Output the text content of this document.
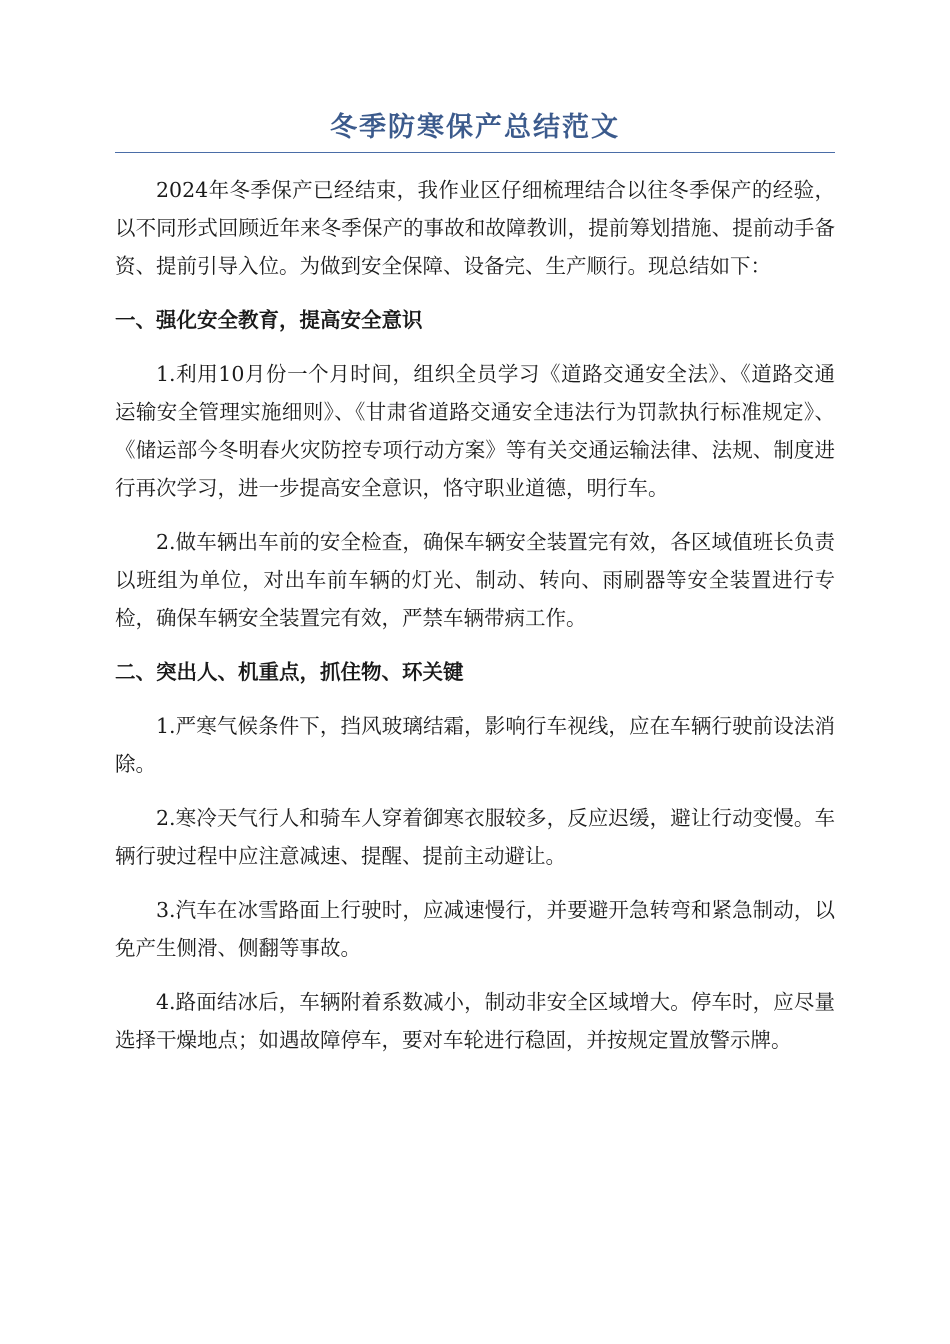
冬季防寒保产总结范文

2024年冬季保产已经结束，我作业区仔细梳理结合以往冬季保产的经验，以不同形式回顾近年来冬季保产的事故和故障教训，提前筹划措施、提前动手备资、提前引导入位。为做到安全保障、设备完、生产顺行。现总结如下：

一、强化安全教育，提高安全意识

1.利用10月份一个月时间，组织全员学习《道路交通安全法》、《道路交通运输安全管理实施细则》、《甘肃省道路交通安全违法行为罚款执行标准规定》、《储运部今冬明春火灾防控专项行动方案》等有关交通运输法律、法规、制度进行再次学习，进一步提高安全意识，恪守职业道德，明行车。

2.做车辆出车前的安全检查，确保车辆安全装置完有效，各区域值班长负责以班组为单位，对出车前车辆的灯光、制动、转向、雨刷器等安全装置进行专检，确保车辆安全装置完有效，严禁车辆带病工作。

二、突出人、机重点，抓住物、环关键

1.严寒气候条件下，挡风玻璃结霜，影响行车视线，应在车辆行驶前设法消除。

2.寒冷天气行人和骑车人穿着御寒衣服较多，反应迟缓，避让行动变慢。车辆行驶过程中应注意减速、提醒、提前主动避让。

3.汽车在冰雪路面上行驶时，应减速慢行，并要避开急转弯和紧急制动，以免产生侧滑、侧翻等事故。

4.路面结冰后，车辆附着系数减小，制动非安全区域增大。停车时，应尽量选择干燥地点；如遇故障停车，要对车轮进行稳固，并按规定置放警示牌。
